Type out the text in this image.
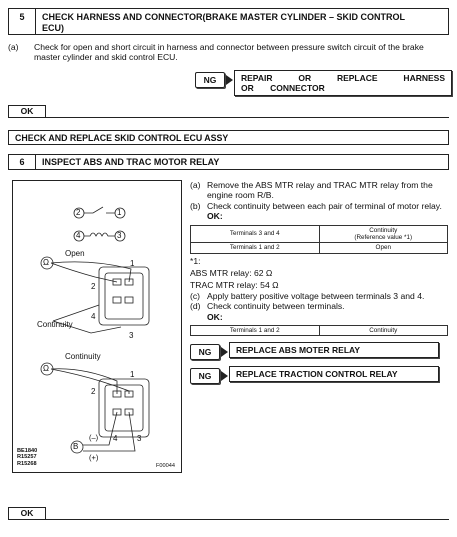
5	CHECK HARNESS AND CONNECTOR(BRAKE MASTER CYLINDER – SKID CONTROL ECU)
(a)	Check for open and short circuit in harness and connector between pressure switch circuit of the brake master cylinder and skid control ECU.
NG	REPAIR OR REPLACE HARNESS OR CONNECTOR
OK
CHECK AND REPLACE SKID CONTROL ECU ASSY
6	INSPECT ABS AND TRAC MOTOR RELAY
2	1
4	3
Open
Ω	1
2
4
3
Continuity
Continuity
Ω
1
2
4 3
B
(–)
(+)
BE1840
R15257
R15268	F00044
(a) Remove the ABS MTR relay and TRAC MTR relay from the engine room R/B.
(b) Check continuity between each pair of terminal of motor relay.
OK:
Terminals 3 and 4	Continuity
(Reference value *1)

Terminals 1 and 2	Open
*1:
ABS MTR relay: 62 Ω
TRAC MTR relay: 54 Ω
(c) Apply battery positive voltage between terminals 3 and 4.
(d) Check continuity between terminals.
OK:
Terminals 1 and 2	Continuity
NG	REPLACE ABS MOTER RELAY
NG	REPLACE TRACTION CONTROL RELAY
OK
